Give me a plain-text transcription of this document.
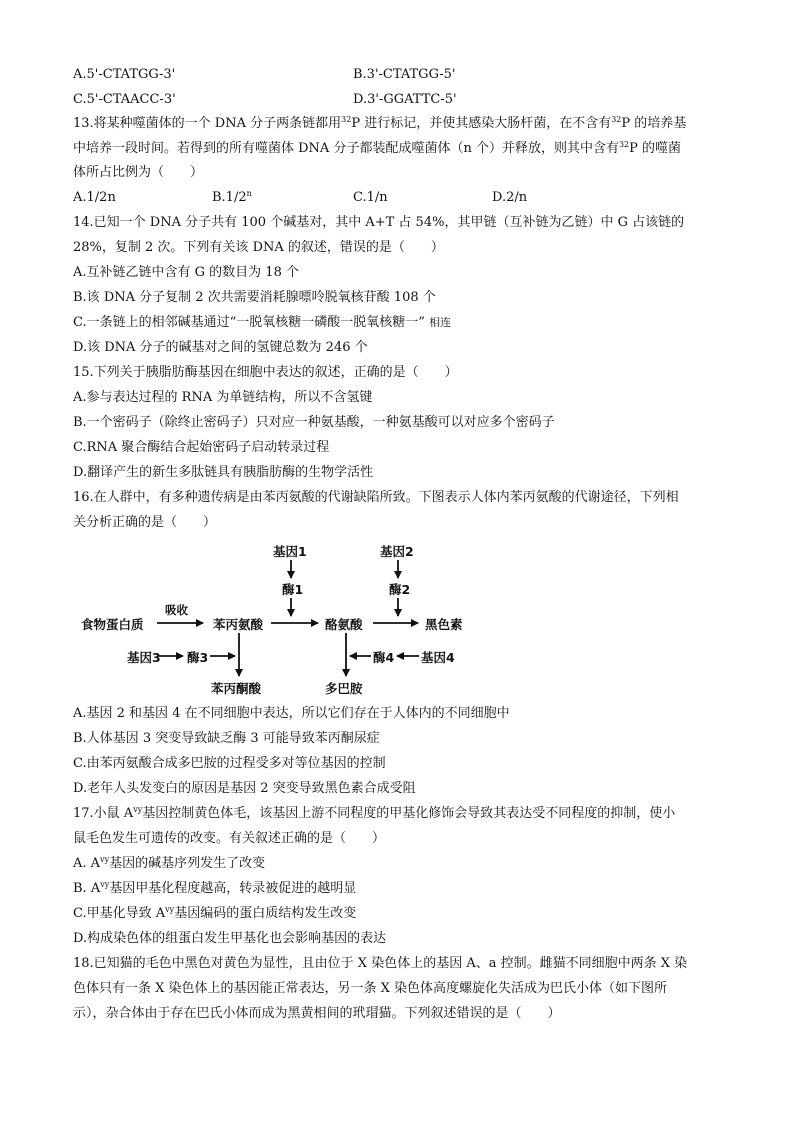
A.5'-CTATGG-3'	B.3'-CTATGG-5'
C.5'-CTAACC-3'	D.3'-GGATTC-5'
13.将某种噬菌体的一个 DNA 分子两条链都用$^{32}$P 进行标记，并使其感染大肠杆菌，在不含有$^{32}$P 的培养基
中培养一段时间。若得到的所有噬菌体 DNA 分子都装配成噬菌体（n 个）并释放，则其中含有$^{32}$P 的噬菌
体所占比例为（　　）
A.1/2n	B.1/2$^n$	C.1/n	D.2/n
14.已知一个 DNA 分子共有 100 个碱基对，其中 A+T 占 54%，其甲链（互补链为乙链）中 G 占该链的
28%，复制 2 次。下列有关该 DNA 的叙述，错误的是（　　）
A.互补链乙链中含有 G 的数目为 18 个
B.该 DNA 分子复制 2 次共需要消耗腺嘌呤脱氧核苷酸 108 个
C.一条链上的相邻碱基通过“一脱氧核糖一磷酸一脱氧核糖一” 相连
D.该 DNA 分子的碱基对之间的氢键总数为 246 个
15.下列关于胰脂肪酶基因在细胞中表达的叙述，正确的是（　　）
A.参与表达过程的 RNA 为单链结构，所以不含氢键
B.一个密码子（除终止密码子）只对应一种氨基酸，一种氨基酸可以对应多个密码子
C.RNA 聚合酶结合起始密码子启动转录过程
D.翻译产生的新生多肽链具有胰脂肪酶的生物学活性
16.在人群中，有多种遗传病是由苯丙氨酸的代谢缺陷所致。下图表示人体内苯丙氨酸的代谢途径，下列相
关分析正确的是（　　）
基因1
酶1
基因2
酶2
食物蛋白质
吸收
苯丙氨酸	酪氨酸	黑色素
基因3 酶3	酶4 基因4
苯丙酮酸	多巴胺
A.基因 2 和基因 4 在不同细胞中表达，所以它们存在于人体内的不同细胞中
B.人体基因 3 突变导致缺乏酶 3 可能导致苯丙酮尿症
C.由苯丙氨酸合成多巴胺的过程受多对等位基因的控制
D.老年人头发变白的原因是基因 2 突变导致黑色素合成受阻
17.小鼠 $A^{vy}$基因控制黄色体毛，该基因上游不同程度的甲基化修饰会导致其表达受不同程度的抑制，使小
鼠毛色发生可遗传的改变。有关叙述正确的是（　　）
A. $A^{vy}$基因的碱基序列发生了改变
B. $A^{vy}$基因甲基化程度越高，转录被促进的越明显
C.甲基化导致 $A^{vy}$基因编码的蛋白质结构发生改变
D.构成染色体的组蛋白发生甲基化也会影响基因的表达
18.已知猫的毛色中黑色对黄色为显性，且由位于 X 染色体上的基因 A、a 控制。雌猫不同细胞中两条 X 染
色体只有一条 X 染色体上的基因能正常表达，另一条 X 染色体高度螺旋化失活成为巴氏小体（如下图所
示），杂合体由于存在巴氏小体而成为黑黄相间的玳瑁猫。下列叙述错误的是（　　）
